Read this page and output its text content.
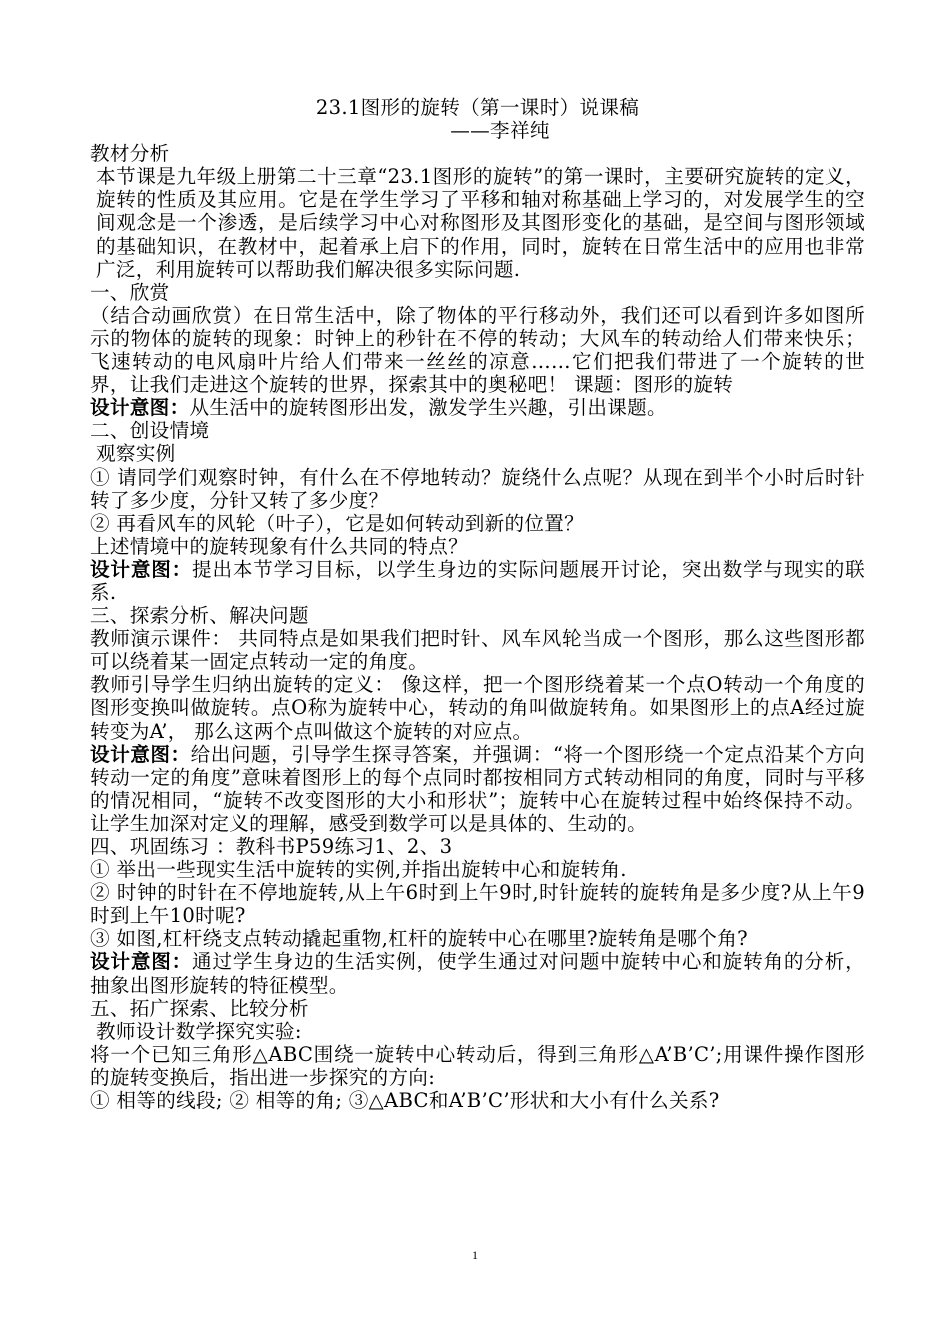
23.1图形的旋转（第一课时）说课稿

——李祥纯

教材分析

本节课是九年级上册第二十三章“23.1图形的旋转”的第一课时，主要研究旋转的定义，旋转的性质及其应用。它是在学生学习了平移和轴对称基础上学习的，对发展学生的空间观念是一个渗透，是后续学习中心对称图形及其图形变化的基础，是空间与图形领域的基础知识，在教材中，起着承上启下的作用，同时，旋转在日常生活中的应用也非常广泛，利用旋转可以帮助我们解决很多实际问题.

一、欣赏

（结合动画欣赏）在日常生活中，除了物体的平行移动外，我们还可以看到许多如图所示的物体的旋转的现象：时钟上的秒针在不停的转动；大风车的转动给人们带来快乐；飞速转动的电风扇叶片给人们带来一丝丝的凉意……它们把我们带进了一个旋转的世界，让我们走进这个旋转的世界，探索其中的奥秘吧！ 课题：图形的旋转

设计意图：从生活中的旋转图形出发，激发学生兴趣，引出课题。

二、创设情境

观察实例

① 请同学们观察时钟，有什么在不停地转动？旋绕什么点呢？从现在到半个小时后时针转了多少度，分针又转了多少度？

② 再看风车的风轮（叶子），它是如何转动到新的位置？

上述情境中的旋转现象有什么共同的特点？

设计意图：提出本节学习目标，以学生身边的实际问题展开讨论，突出数学与现实的联系.

三、探索分析、解决问题

教师演示课件： 共同特点是如果我们把时针、风车风轮当成一个图形，那么这些图形都可以绕着某一固定点转动一定的角度。

教师引导学生归纳出旋转的定义： 像这样，把一个图形绕着某一个点O转动一个角度的图形变换叫做旋转。点O称为旋转中心，转动的角叫做旋转角。如果图形上的点A经过旋转变为A’， 那么这两个点叫做这个旋转的对应点。

设计意图：给出问题，引导学生探寻答案，并强调：“将一个图形绕一个定点沿某个方向转动一定的角度”意味着图形上的每个点同时都按相同方式转动相同的角度，同时与平移的情况相同，“旋转不改变图形的大小和形状”；旋转中心在旋转过程中始终保持不动。让学生加深对定义的理解，感受到数学可以是具体的、生动的。

四、巩固练习 ：教科书P59练习1、2、3

① 举出一些现实生活中旋转的实例,并指出旋转中心和旋转角.

② 时钟的时针在不停地旋转,从上午6时到上午9时,时针旋转的旋转角是多少度?从上午9时到上午10时呢?

③ 如图,杠杆绕支点转动撬起重物,杠杆的旋转中心在哪里?旋转角是哪个角?

设计意图：通过学生身边的生活实例，使学生通过对问题中旋转中心和旋转角的分析，抽象出图形旋转的特征模型。

五、拓广探索、比较分析

教师设计数学探究实验:

将一个已知三角形△ABC围绕一旋转中心转动后，得到三角形△A’B’C’;用课件操作图形的旋转变换后，指出进一步探究的方向:

① 相等的线段; ② 相等的角; ③△ABC和A’B’C’形状和大小有什么关系?

1
